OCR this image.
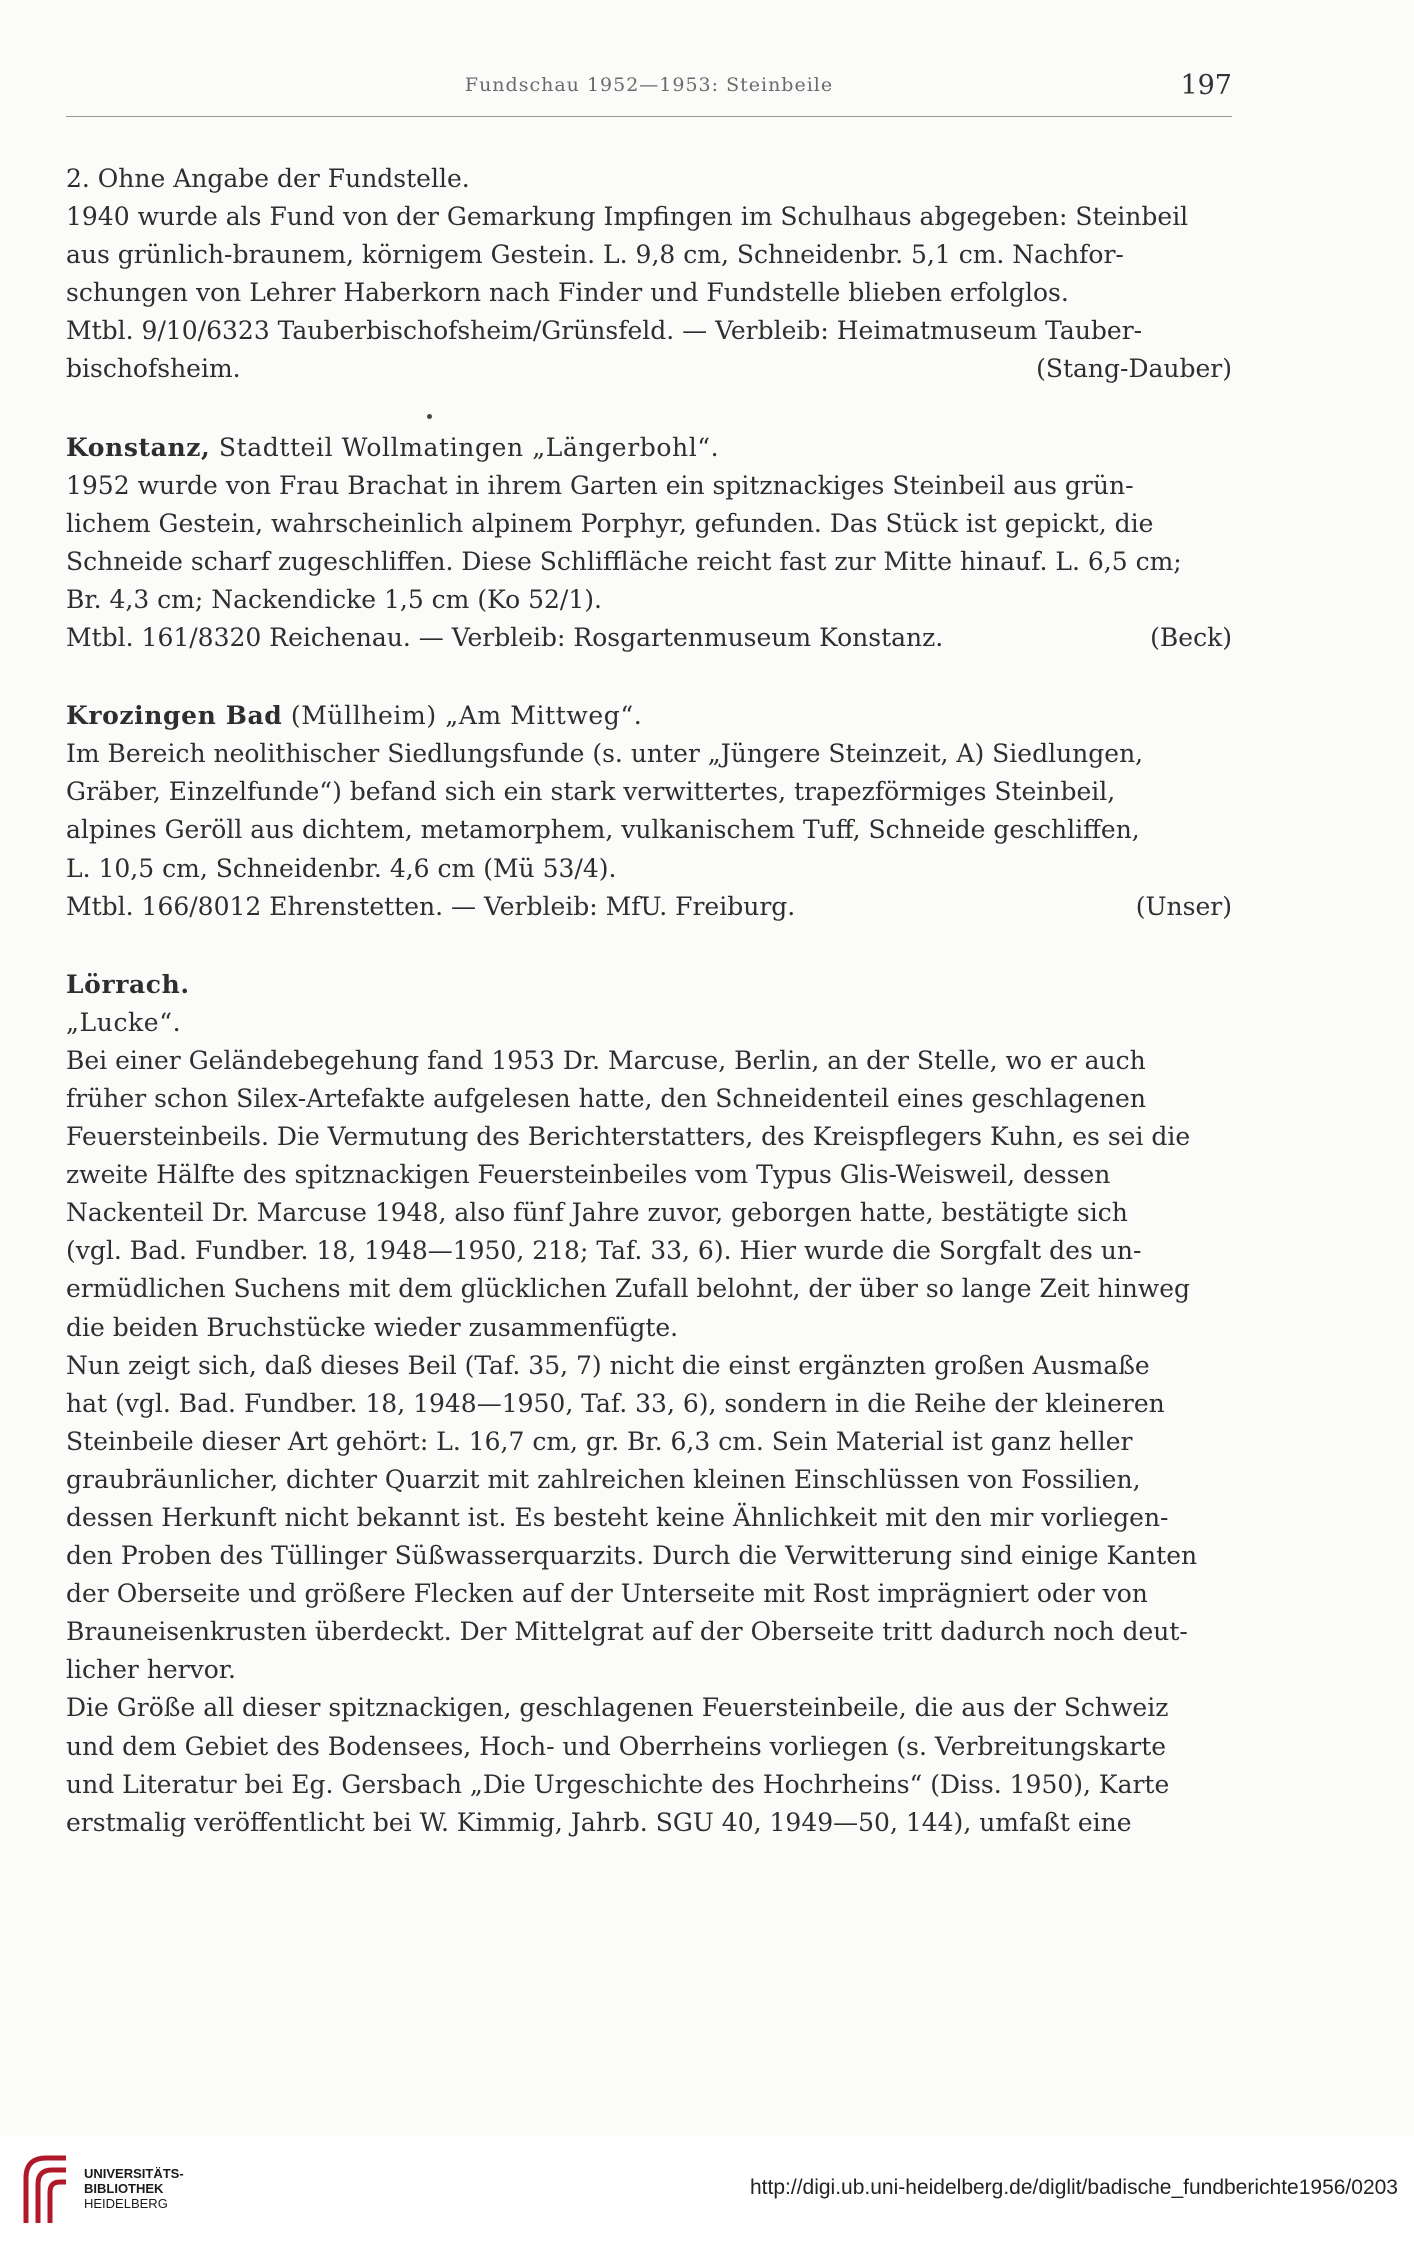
Fundschau 1952—1953: Steinbeile	197

2. Ohne Angabe der Fundstelle.

1940 wurde als Fund von der Gemarkung Impfingen im Schulhaus abgegeben: Steinbeil

aus grünlich-braunem, körnigem Gestein. L. 9,8 cm, Schneidenbr. 5,1 cm. Nachfor-

schungen von Lehrer Haberkorn nach Finder und Fundstelle blieben erfolglos.

Mtbl. 9/10/6323 Tauberbischofsheim/Grünsfeld. — Verbleib: Heimatmuseum Tauber-

bischofsheim.	(Stang-Dauber)

Konstanz, Stadtteil Wollmatingen „Längerbohl“.

1952 wurde von Frau Brachat in ihrem Garten ein spitznackiges Steinbeil aus grün-

lichem Gestein, wahrscheinlich alpinem Porphyr, gefunden. Das Stück ist gepickt, die

Schneide scharf zugeschliffen. Diese Schliffläche reicht fast zur Mitte hinauf. L. 6,5 cm;

Br. 4,3 cm; Nackendicke 1,5 cm (Ko 52/1).

Mtbl. 161/8320 Reichenau. — Verbleib: Rosgartenmuseum Konstanz.	(Beck)

Krozingen Bad (Müllheim) „Am Mittweg“.

Im Bereich neolithischer Siedlungsfunde (s. unter „Jüngere Steinzeit, A) Siedlungen,

Gräber, Einzelfunde“) befand sich ein stark verwittertes, trapezförmiges Steinbeil,

alpines Geröll aus dichtem, metamorphem, vulkanischem Tuff, Schneide geschliffen,

L. 10,5 cm, Schneidenbr. 4,6 cm (Mü 53/4).

Mtbl. 166/8012 Ehrenstetten. — Verbleib: MfU. Freiburg.	(Unser)

Lörrach.

„Lucke“.

Bei einer Geländebegehung fand 1953 Dr. Marcuse, Berlin, an der Stelle, wo er auch

früher schon Silex-Artefakte aufgelesen hatte, den Schneidenteil eines geschlagenen

Feuersteinbeils. Die Vermutung des Berichterstatters, des Kreispflegers Kuhn, es sei die

zweite Hälfte des spitznackigen Feuersteinbeiles vom Typus Glis-Weisweil, dessen

Nackenteil Dr. Marcuse 1948, also fünf Jahre zuvor, geborgen hatte, bestätigte sich

(vgl. Bad. Fundber. 18, 1948—1950, 218; Taf. 33, 6). Hier wurde die Sorgfalt des un-

ermüdlichen Suchens mit dem glücklichen Zufall belohnt, der über so lange Zeit hinweg

die beiden Bruchstücke wieder zusammenfügte.

Nun zeigt sich, daß dieses Beil (Taf. 35, 7) nicht die einst ergänzten großen Ausmaße

hat (vgl. Bad. Fundber. 18, 1948—1950, Taf. 33, 6), sondern in die Reihe der kleineren

Steinbeile dieser Art gehört: L. 16,7 cm, gr. Br. 6,3 cm. Sein Material ist ganz heller

graubräunlicher, dichter Quarzit mit zahlreichen kleinen Einschlüssen von Fossilien,

dessen Herkunft nicht bekannt ist. Es besteht keine Ähnlichkeit mit den mir vorliegen-

den Proben des Tüllinger Süßwasserquarzits. Durch die Verwitterung sind einige Kanten

der Oberseite und größere Flecken auf der Unterseite mit Rost imprägniert oder von

Brauneisenkrusten überdeckt. Der Mittelgrat auf der Oberseite tritt dadurch noch deut-

licher hervor.

Die Größe all dieser spitznackigen, geschlagenen Feuersteinbeile, die aus der Schweiz

und dem Gebiet des Bodensees, Hoch- und Oberrheins vorliegen (s. Verbreitungskarte

und Literatur bei Eg. Gersbach „Die Urgeschichte des Hochrheins“ (Diss. 1950), Karte

erstmalig veröffentlicht bei W. Kimmig, Jahrb. SGU 40, 1949—50, 144), umfaßt eine

UNIVERSITÄTS-
BIBLIOTHEK
HEIDELBERG
http://digi.ub.uni-heidelberg.de/diglit/badische_fundberichte1956/0203
